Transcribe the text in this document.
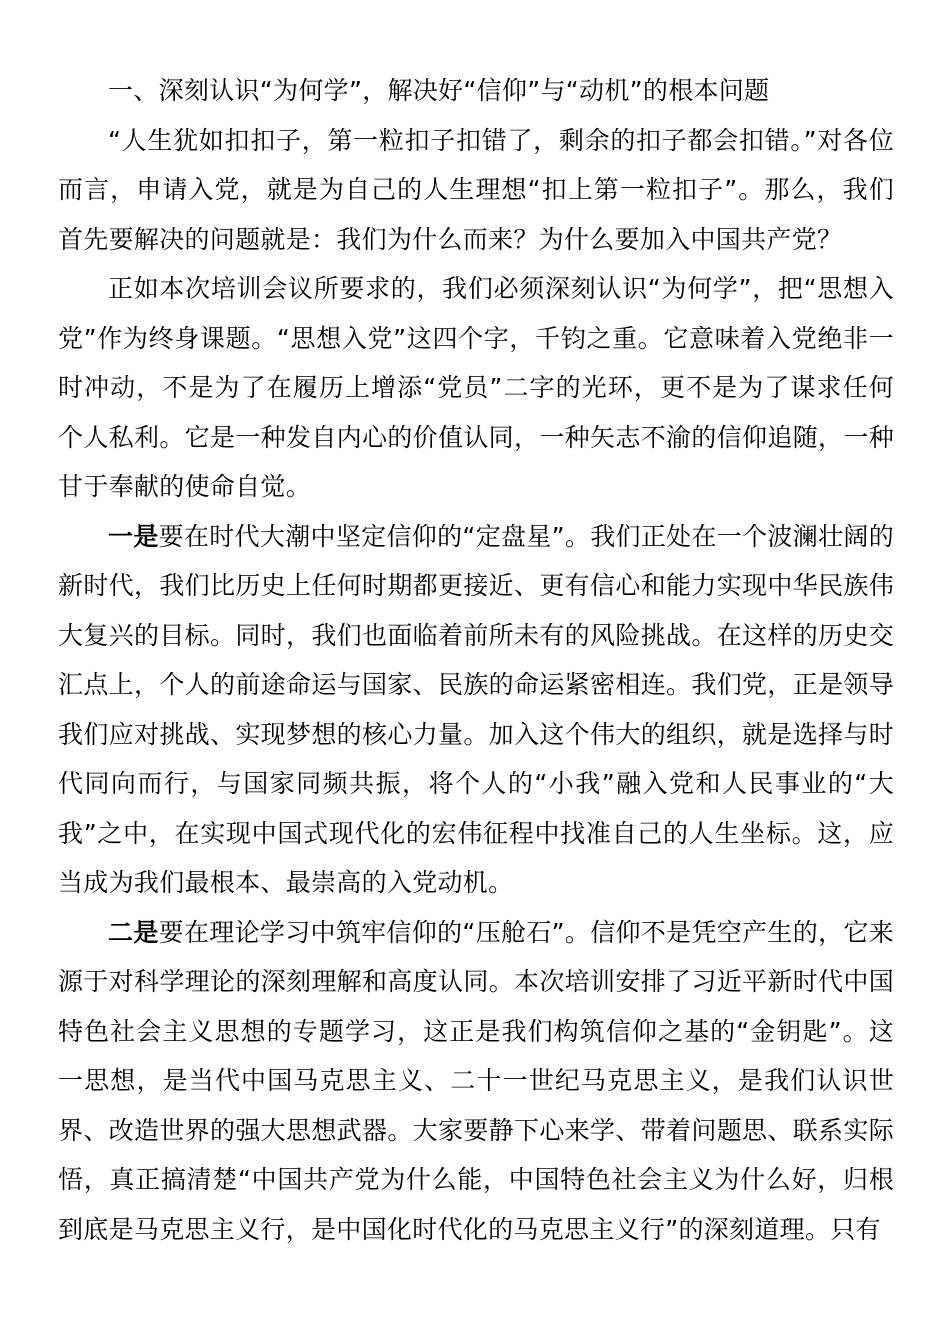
一、深刻认识“为何学”，解决好“信仰”与“动机”的根本问题

“人生犹如扣扣子，第一粒扣子扣错了，剩余的扣子都会扣错。”对各位而言，申请入党，就是为自己的人生理想“扣上第一粒扣子”。那么，我们首先要解决的问题就是：我们为什么而来？为什么要加入中国共产党？

正如本次培训会议所要求的，我们必须深刻认识“为何学”，把“思想入党”作为终身课题。“思想入党”这四个字，千钧之重。它意味着入党绝非一时冲动，不是为了在履历上增添“党员”二字的光环，更不是为了谋求任何个人私利。它是一种发自内心的价值认同，一种矢志不渝的信仰追随，一种甘于奉献的使命自觉。

一是要在时代大潮中坚定信仰的“定盘星”。我们正处在一个波澜壮阔的新时代，我们比历史上任何时期都更接近、更有信心和能力实现中华民族伟大复兴的目标。同时，我们也面临着前所未有的风险挑战。在这样的历史交汇点上，个人的前途命运与国家、民族的命运紧密相连。我们党，正是领导我们应对挑战、实现梦想的核心力量。加入这个伟大的组织，就是选择与时代同向而行，与国家同频共振，将个人的“小我”融入党和人民事业的“大我”之中，在实现中国式现代化的宏伟征程中找准自己的人生坐标。这，应当成为我们最根本、最崇高的入党动机。

二是要在理论学习中筑牢信仰的“压舱石”。信仰不是凭空产生的，它来源于对科学理论的深刻理解和高度认同。本次培训安排了习近平新时代中国特色社会主义思想的专题学习，这正是我们构筑信仰之基的“金钥匙”。这一思想，是当代中国马克思主义、二十一世纪马克思主义，是我们认识世界、改造世界的强大思想武器。大家要静下心来学、带着问题思、联系实际悟，真正搞清楚“中国共产党为什么能，中国特色社会主义为什么好，归根到底是马克思主义行，是中国化时代化的马克思主义行”的深刻道理。只有
